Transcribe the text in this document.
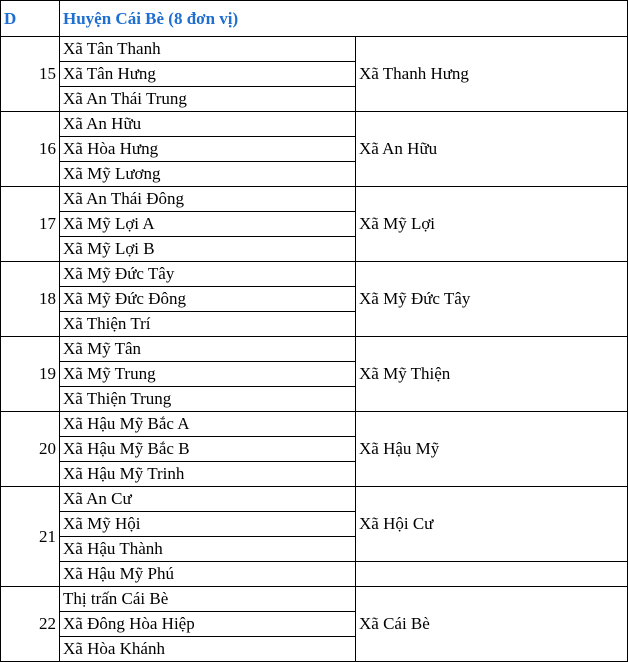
D	Huyện Cái Bè (8 đơn vị)	
15	Xã Tân Thanh	Xã Thanh Hưng
	Xã Tân Hưng	
	Xã An Thái Trung	
16	Xã An Hữu	Xã An Hữu
	Xã Hòa Hưng	
	Xã Mỹ Lương	
17	Xã An Thái Đông	Xã Mỹ Lợi
	Xã Mỹ Lợi A	
	Xã Mỹ Lợi B	
18	Xã Mỹ Đức Tây	Xã Mỹ Đức Tây
	Xã Mỹ Đức Đông	
	Xã Thiện Trí	
19	Xã Mỹ Tân	Xã Mỹ Thiện
	Xã Mỹ Trung	
	Xã Thiện Trung	
20	Xã Hậu Mỹ Bắc A	Xã Hậu Mỹ
	Xã Hậu Mỹ Bắc B	
	Xã Hậu Mỹ Trinh	
21	Xã An Cư	Xã Hội Cư
	Xã Mỹ Hội	
	Xã Hậu Thành	
	Xã Hậu Mỹ Phú	
22	Thị trấn Cái Bè	Xã Cái Bè
	Xã Đông Hòa Hiệp	
	Xã Hòa Khánh	
